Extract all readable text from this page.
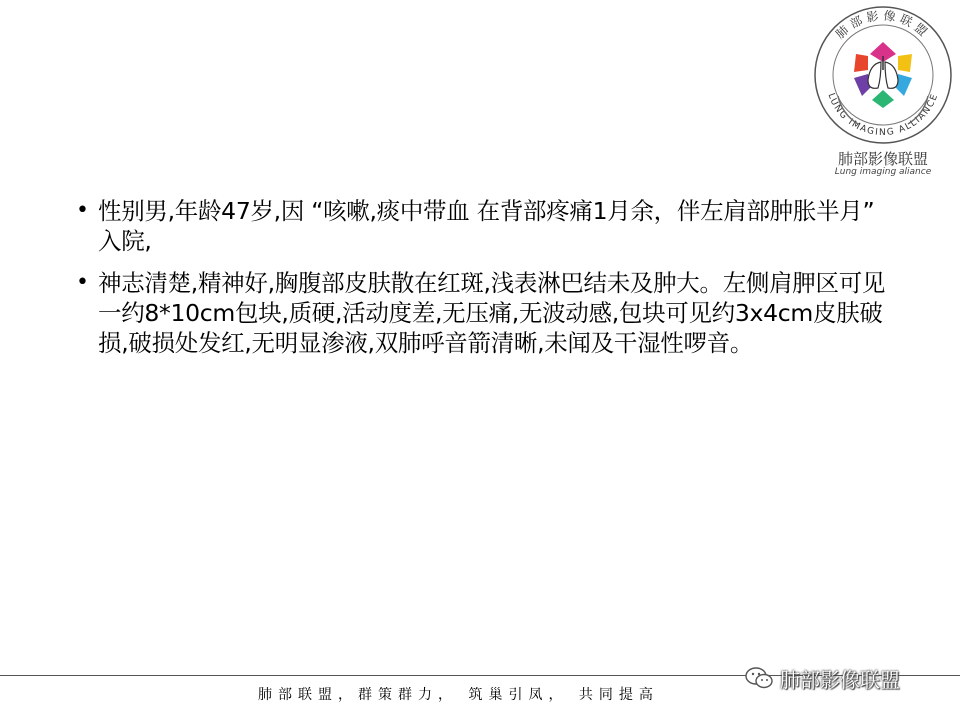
肺部影像联盟
LUNG IMAGING ALLIANCE
肺部影像联盟
Lung imaging aliance
• 性别男,年龄47岁,因 “咳嗽,痰中带血 在背部疼痛1月余，伴左肩部肿胀半月” 入院,
• 神志清楚,精神好,胸腹部皮肤散在红斑,浅表淋巴结未及肿大。左侧肩胛区可见一约8*10cm包块,质硬,活动度差,无压痛,无波动感,包块可见约3x4cm皮肤破损,破损处发红,无明显渗液,双肺呼音箭清晰,未闻及干湿性啰音。
肺部联盟，群策群力， 筑巢引凤， 共同提高
肺部影像联盟
